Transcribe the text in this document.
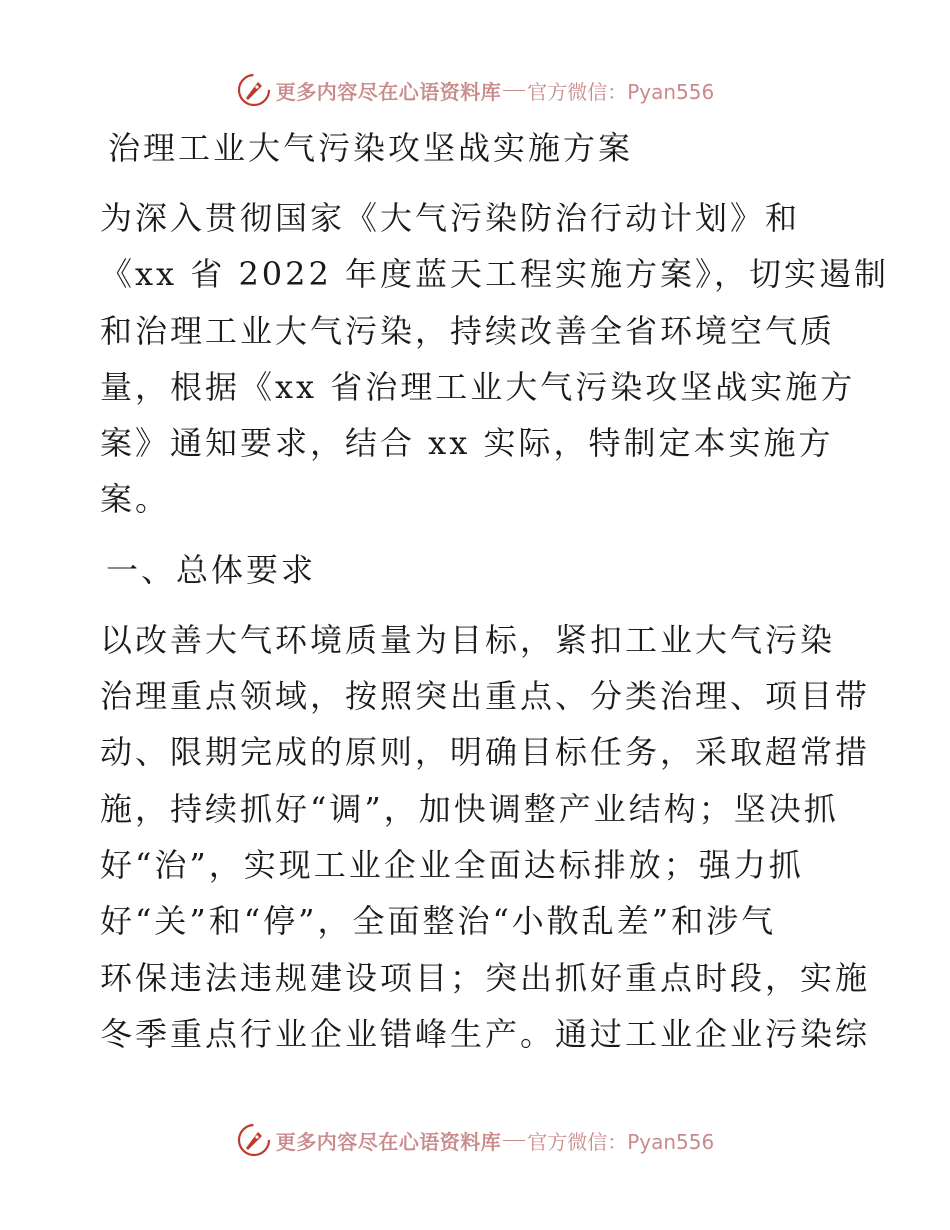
更多内容尽在心语资料库 官方微信：Pyan556
治理工业大气污染攻坚战实施方案

为深入贯彻国家《大气污染防治行动计划》和
《xx 省 2022 年度蓝天工程实施方案》，切实遏制
和治理工业大气污染，持续改善全省环境空气质
量，根据《xx 省治理工业大气污染攻坚战实施方
案》通知要求，结合 xx 实际，特制定本实施方
案。

一、总体要求

以改善大气环境质量为目标，紧扣工业大气污染
治理重点领域，按照突出重点、分类治理、项目带
动、限期完成的原则，明确目标任务，采取超常措
施，持续抓好“调”，加快调整产业结构；坚决抓
好“治”，实现工业企业全面达标排放；强力抓
好“关”和“停”，全面整治“小散乱差”和涉气
环保违法违规建设项目；突出抓好重点时段，实施
冬季重点行业企业错峰生产。通过工业企业污染综

更多内容尽在心语资料库 官方微信：Pyan556
